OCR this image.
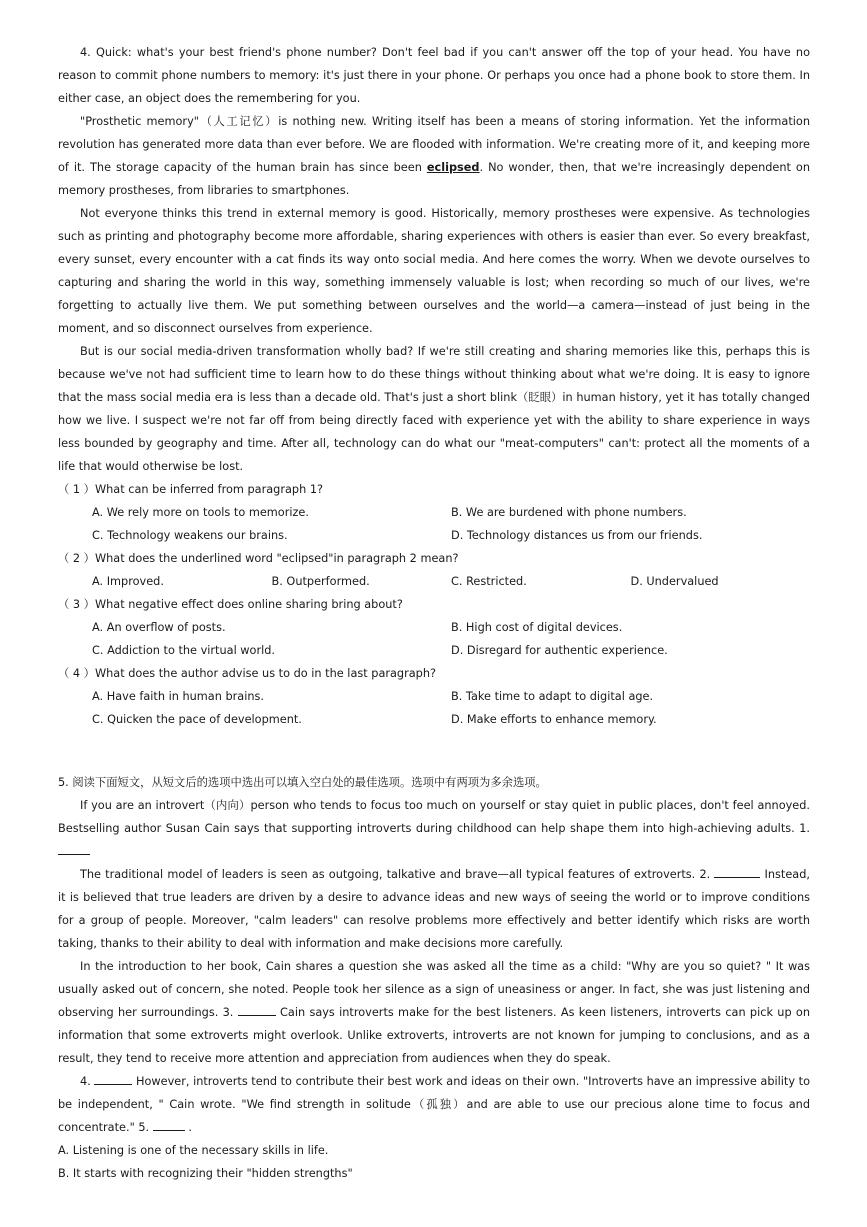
4. Quick: what's your best friend's phone number? Don't feel bad if you can't answer off the top of your head. You have no reason to commit phone numbers to memory: it's just there in your phone. Or perhaps you once had a phone book to store them. In either case, an object does the remembering for you.

"Prosthetic memory"（人工记忆）is nothing new. Writing itself has been a means of storing information. Yet the information revolution has generated more data than ever before. We are flooded with information. We're creating more of it, and keeping more of it. The storage capacity of the human brain has since been eclipsed. No wonder, then, that we're increasingly dependent on memory prostheses, from libraries to smartphones.

Not everyone thinks this trend in external memory is good. Historically, memory prostheses were expensive. As technologies such as printing and photography become more affordable, sharing experiences with others is easier than ever. So every breakfast, every sunset, every encounter with a cat finds its way onto social media. And here comes the worry. When we devote ourselves to capturing and sharing the world in this way, something immensely valuable is lost; when recording so much of our lives, we're forgetting to actually live them. We put something between ourselves and the world—a camera—instead of just being in the moment, and so disconnect ourselves from experience.

But is our social media-driven transformation wholly bad? If we're still creating and sharing memories like this, perhaps this is because we've not had sufficient time to learn how to do these things without thinking about what we're doing. It is easy to ignore that the mass social media era is less than a decade old. That's just a short blink（眨眼）in human history, yet it has totally changed how we live. I suspect we're not far off from being directly faced with experience yet with the ability to share experience in ways less bounded by geography and time. After all, technology can do what our "meat-computers" can't: protect all the moments of a life that would otherwise be lost.

（ 1 ）What can be inferred from paragraph 1?

A. We rely more on tools to memorize.	B. We are burdened with phone numbers.
C. Technology weakens our brains.	D. Technology distances us from our friends.

（ 2 ）What does the underlined word "eclipsed"in paragraph 2 mean?

A. Improved.	B. Outperformed.	C. Restricted.	D. Undervalued

（ 3 ）What negative effect does online sharing bring about?

A. An overflow of posts.	B. High cost of digital devices.
C. Addiction to the virtual world.	D. Disregard for authentic experience.

（ 4 ）What does the author advise us to do in the last paragraph?

A. Have faith in human brains.	B. Take time to adapt to digital age.
C. Quicken the pace of development.	D. Make efforts to enhance memory.

5. 阅读下面短文，从短文后的选项中选出可以填入空白处的最佳选项。选项中有两项为多余选项。

If you are an introvert（内向）person who tends to focus too much on yourself or stay quiet in public places, don't feel annoyed. Bestselling author Susan Cain says that supporting introverts during childhood can help shape them into high-achieving adults. 1.

The traditional model of leaders is seen as outgoing, talkative and brave—all typical features of extroverts. 2.	Instead, it is believed that true leaders are driven by a desire to advance ideas and new ways of seeing the world or to improve conditions for a group of people. Moreover, "calm leaders" can resolve problems more effectively and better identify which risks are worth taking, thanks to their ability to deal with information and make decisions more carefully.

In the introduction to her book, Cain shares a question she was asked all the time as a child: "Why are you so quiet? " It was usually asked out of concern, she noted. People took her silence as a sign of uneasiness or anger. In fact, she was just listening and observing her surroundings. 3.	Cain says introverts make for the best listeners. As keen listeners, introverts can pick up on information that some extroverts might overlook. Unlike extroverts, introverts are not known for jumping to conclusions, and as a result, they tend to receive more attention and appreciation from audiences when they do speak.

4.	However, introverts tend to contribute their best work and ideas on their own. "Introverts have an impressive ability to be independent, " Cain wrote. "We find strength in solitude（孤独）and are able to use our precious alone time to focus and concentrate." 5.	.

A. Listening is one of the necessary skills in life.

B. It starts with recognizing their "hidden strengths"
